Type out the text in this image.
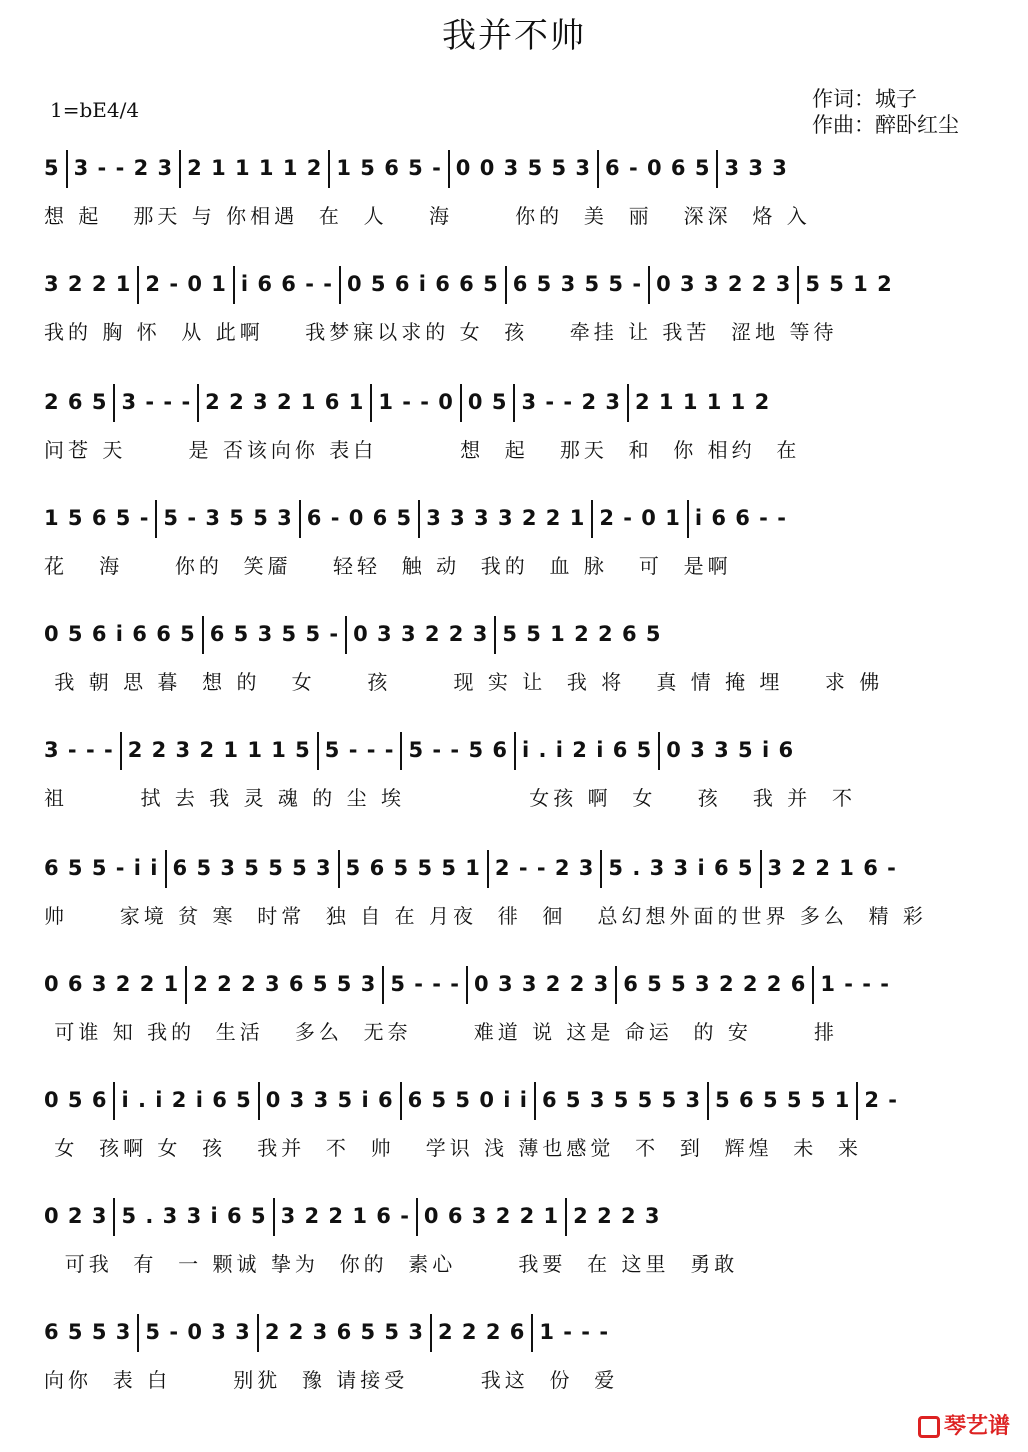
我并不帅
1=bE4/4	作词：城子
作曲：醉卧红尘
5 3 - - 2 3 2 1 1 1 1 2 1 5 6 5 - 0 0 3 5 5 3 6 - 0 6 5 3 3 3
想 起   那天 与 你相遇  在  人    海      你的  美  丽   深深  烙 入
3 2 2 1 2 - 0 1 i 6 6 - - 0 5 6 i 6 6 5 6 5 3 5 5 - 0 3 3 2 2 3 5 5 1 2
我的 胸 怀  从 此啊    我梦寐以求的 女  孩    牵挂 让 我苦  涩地 等待
2 6 5 3 - - - 2 2 3 2 1 6 1 1 - - 0 0 5 3 - - 2 3 2 1 1 1 1 2
问苍 天      是 否该向你 表白        想  起   那天  和  你 相约  在
1 5 6 5 - 5 - 3 5 5 3 6 - 0 6 5 3 3 3 3 2 2 1 2 - 0 1 i 6 6 - -
花   海     你的  笑靥    轻轻  触 动  我的  血 脉   可  是啊
0 5 6 i 6 6 5 6 5 3 5 5 - 0 3 3 2 2 3 5 5 1 2 2 6 5
我 朝 思 暮  想 的   女     孩      现 实 让  我 将   真 情 掩 埋    求 佛
3 - - - 2 2 3 2 1 1 1 5 5 - - - 5 - - 5 6 i . i 2 i 6 5 0 3 3 5 i 6
祖       拭 去 我 灵 魂 的 尘 埃            女孩 啊  女    孩   我 并  不
6 5 5 - i i 6 5 3 5 5 5 3 5 6 5 5 5 1 2 - - 2 3 5 . 3 3 i 6 5 3 2 2 1 6 -
帅     家境 贫 寒  时常  独 自 在 月夜  徘  徊   总幻想外面的世界 多么  精 彩
0 6 3 2 2 1 2 2 2 3 6 5 5 3 5 - - - 0 3 3 2 2 3 6 5 5 3 2 2 2 6 1 - - -
可谁 知 我的  生活   多么  无奈      难道 说 这是 命运  的 安      排
0 5 6 i . i 2 i 6 5 0 3 3 5 i 6 6 5 5 0 i i 6 5 3 5 5 5 3 5 6 5 5 5 1 2 -
女  孩啊 女  孩   我并  不  帅   学识 浅 薄也感觉  不  到  辉煌  未  来
0 2 3 5 . 3 3 i 6 5 3 2 2 1 6 - 0 6 3 2 2 1 2 2 2 3
可我  有  一 颗诚 挚为  你的  素心      我要  在 这里  勇敢
6 5 5 3 5 - 0 3 3 2 2 3 6 5 5 3 2 2 2 6 1 - - -
向你  表 白      别犹  豫 请接受       我这  份  爱
琴艺谱
